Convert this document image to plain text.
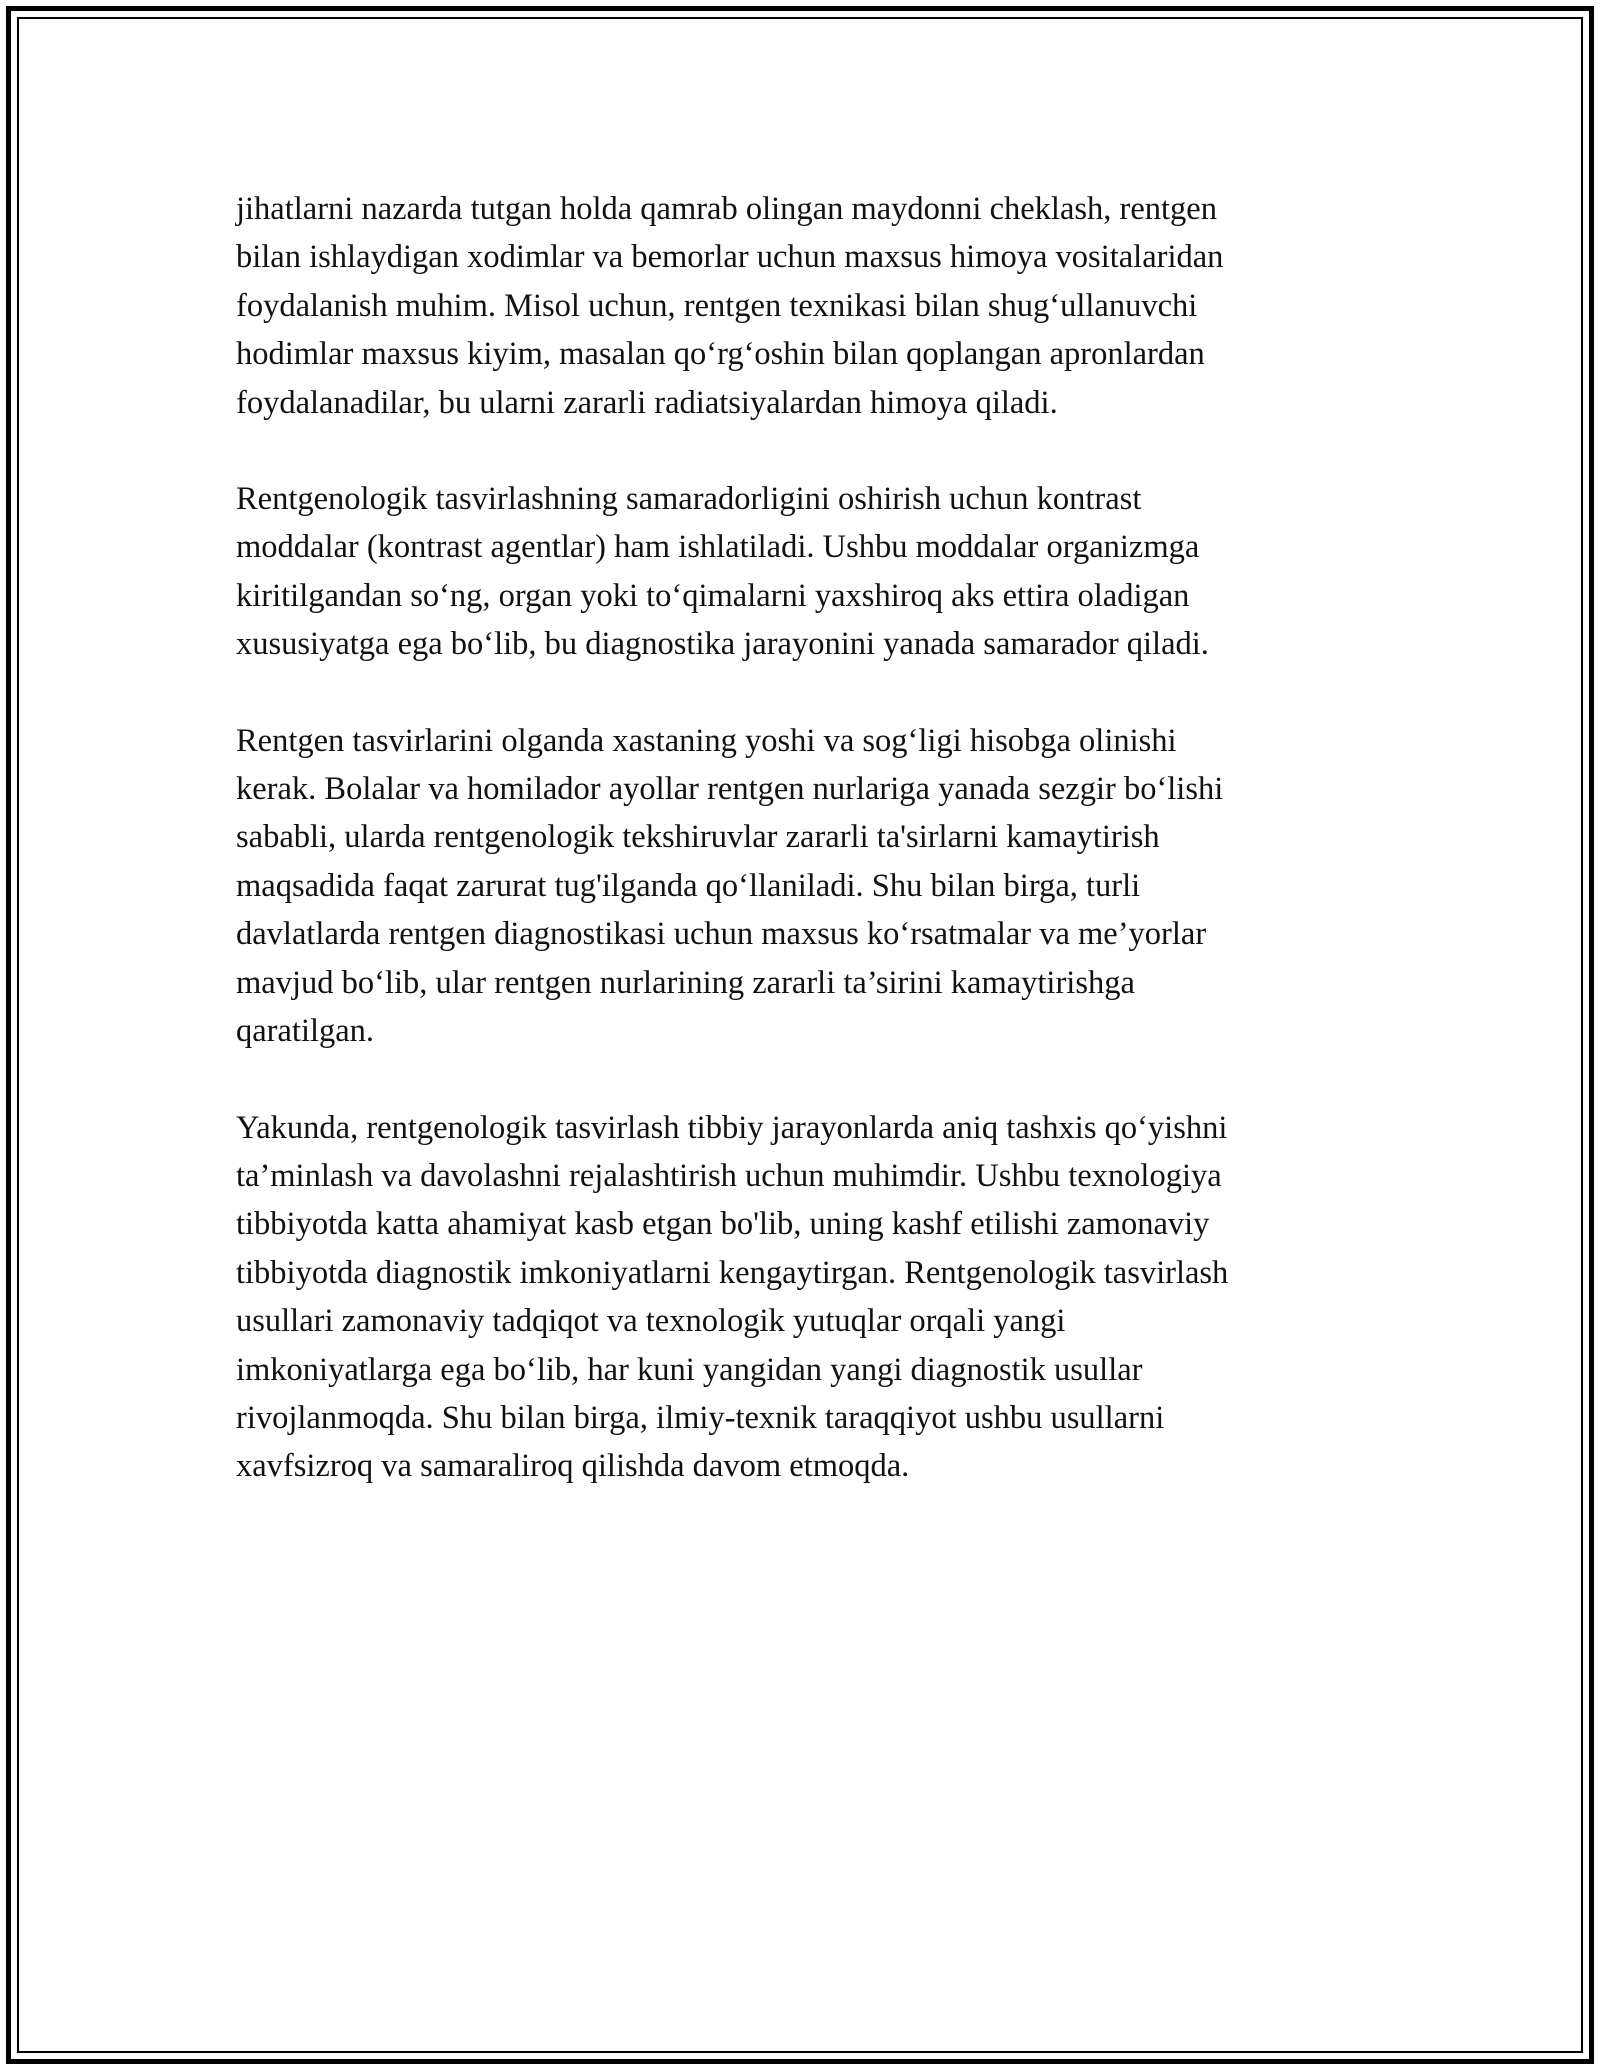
jihatlarni nazarda tutgan holda qamrab olingan maydonni cheklash, rentgen
bilan ishlaydigan xodimlar va bemorlar uchun maxsus himoya vositalaridan
foydalanish muhim. Misol uchun, rentgen texnikasi bilan shug‘ullanuvchi
hodimlar maxsus kiyim, masalan qo‘rg‘oshin bilan qoplangan apronlardan
foydalanadilar, bu ularni zararli radiatsiyalardan himoya qiladi.

Rentgenologik tasvirlashning samaradorligini oshirish uchun kontrast
moddalar (kontrast agentlar) ham ishlatiladi. Ushbu moddalar organizmga
kiritilgandan so‘ng, organ yoki to‘qimalarni yaxshiroq aks ettira oladigan
xususiyatga ega bo‘lib, bu diagnostika jarayonini yanada samarador qiladi.

Rentgen tasvirlarini olganda xastaning yoshi va sog‘ligi hisobga olinishi
kerak. Bolalar va homilador ayollar rentgen nurlariga yanada sezgir bo‘lishi
sababli, ularda rentgenologik tekshiruvlar zararli ta'sirlarni kamaytirish
maqsadida faqat zarurat tug'ilganda qo‘llaniladi. Shu bilan birga, turli
davlatlarda rentgen diagnostikasi uchun maxsus ko‘rsatmalar va me’yorlar
mavjud bo‘lib, ular rentgen nurlarining zararli ta’sirini kamaytirishga
qaratilgan.

Yakunda, rentgenologik tasvirlash tibbiy jarayonlarda aniq tashxis qo‘yishni
ta’minlash va davolashni rejalashtirish uchun muhimdir. Ushbu texnologiya
tibbiyotda katta ahamiyat kasb etgan bo'lib, uning kashf etilishi zamonaviy
tibbiyotda diagnostik imkoniyatlarni kengaytirgan. Rentgenologik tasvirlash
usullari zamonaviy tadqiqot va texnologik yutuqlar orqali yangi
imkoniyatlarga ega bo‘lib, har kuni yangidan yangi diagnostik usullar
rivojlanmoqda. Shu bilan birga, ilmiy-texnik taraqqiyot ushbu usullarni
xavfsizroq va samaraliroq qilishda davom etmoqda.
